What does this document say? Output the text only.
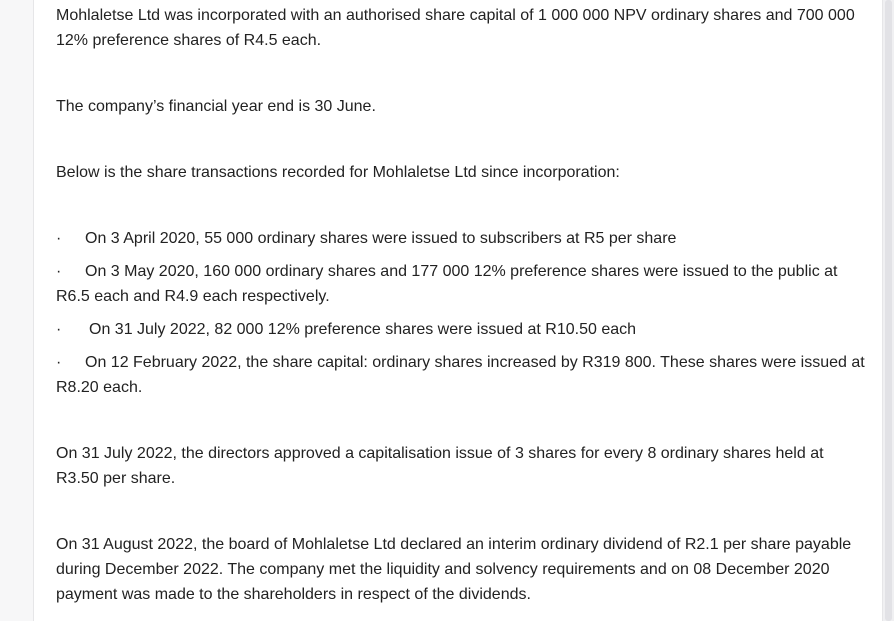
Mohlaletse Ltd was incorporated with an authorised share capital of 1 000 000 NPV ordinary shares and 700 000 12% preference shares of R4.5 each.

The company’s financial year end is 30 June.

Below is the share transactions recorded for Mohlaletse Ltd since incorporation:

· On 3 April 2020, 55 000 ordinary shares were issued to subscribers at R5 per share

· On 3 May 2020, 160 000 ordinary shares and 177 000 12% preference shares were issued to the public at R6.5 each and R4.9 each respectively.

· On 31 July 2022, 82 000 12% preference shares were issued at R10.50 each

· On 12 February 2022, the share capital: ordinary shares increased by R319 800. These shares were issued at R8.20 each.

On 31 July 2022, the directors approved a capitalisation issue of 3 shares for every 8 ordinary shares held at R3.50 per share.

On 31 August 2022, the board of Mohlaletse Ltd declared an interim ordinary dividend of R2.1 per share payable during December 2022. The company met the liquidity and solvency requirements and on 08 December 2020 payment was made to the shareholders in respect of the dividends.
